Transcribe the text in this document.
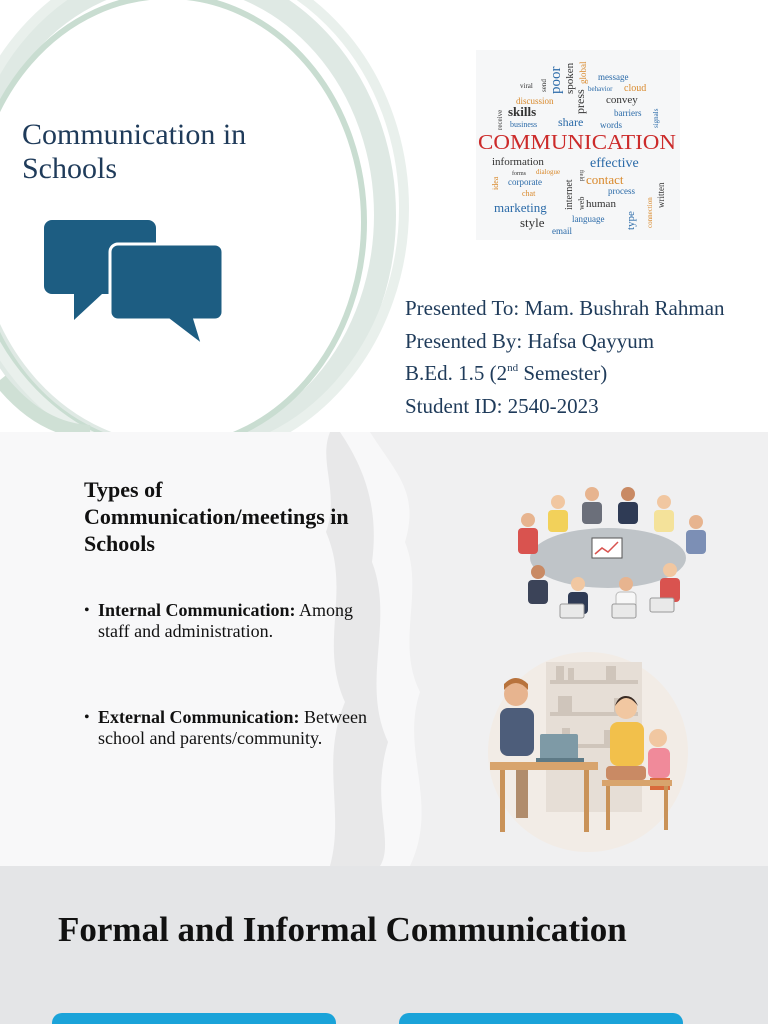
Communication in Schools
viral send poor spoken global message
behavior cloud
discussion press convey
receive skills	barriers signals
business share words
COMMUNICATION
information	effective
idea
forms dialogue	field
corporate internet contact
written
chat	process
web human	connection
marketing
type
style	language
email
Presented To: Mam. Bushrah Rahman
Presented By: Hafsa Qayyum
B.Ed. 1.5 (2nd Semester)
Student ID: 2540-2023
Types of Communication/meetings in Schools
• Internal Communication: Among staff and administration.
• External Communication: Between school and parents/community.
Formal and Informal Communication
